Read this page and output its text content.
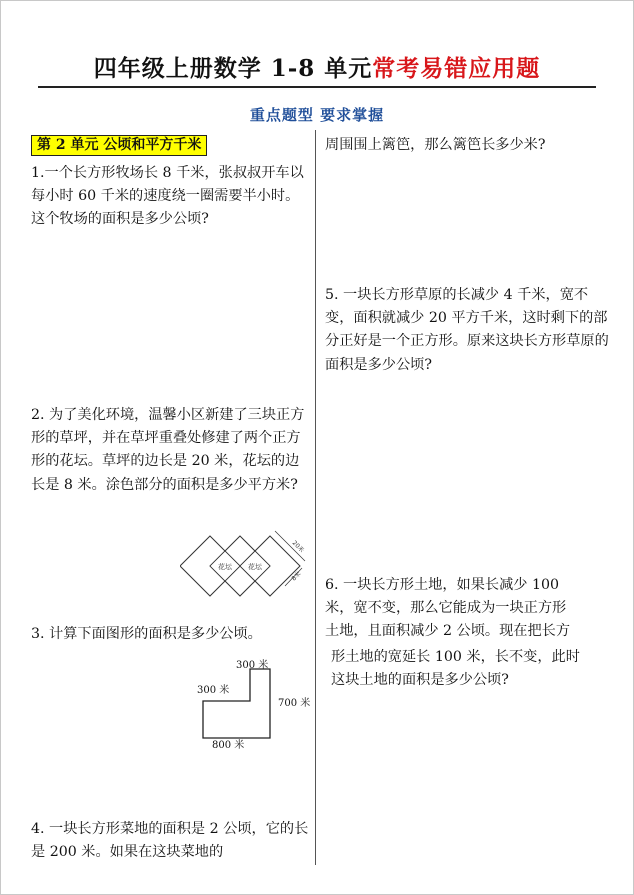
四年级上册数学 1-8 单元常考易错应用题
重点题型 要求掌握
第 2 单元 公顷和平方千米

1.一个长方形牧场长 8 千米，张叔叔开车以每小时 60 千米的速度绕一圈需要半小时。这个牧场的面积是多少公顷?

2. 为了美化环境，温馨小区新建了三块正方形的草坪，并在草坪重叠处修建了两个正方形的花坛。草坪的边长是 20 米，花坛的边长是 8 米。涂色部分的面积是多少平方米?

花坛 花坛
20米
8米

3. 计算下面图形的面积是多少公顷。

300 米
300 米
700 米
800 米

4. 一块长方形菜地的面积是 2 公顷，它的长是 200 米。如果在这块菜地的

周围围上篱笆，那么篱笆长多少米?

5. 一块长方形草原的长减少 4 千米，宽不变，面积就减少 20 平方千米，这时剩下的部分正好是一个正方形。原来这块长方形草原的面积是多少公顷?

6. 一块长方形土地，如果长减少 100

米，宽不变，那么它能成为一块正方形

土地，且面积减少 2 公顷。现在把长方

形土地的宽延长 100 米，长不变，此时

这块土地的面积是多少公顷?
